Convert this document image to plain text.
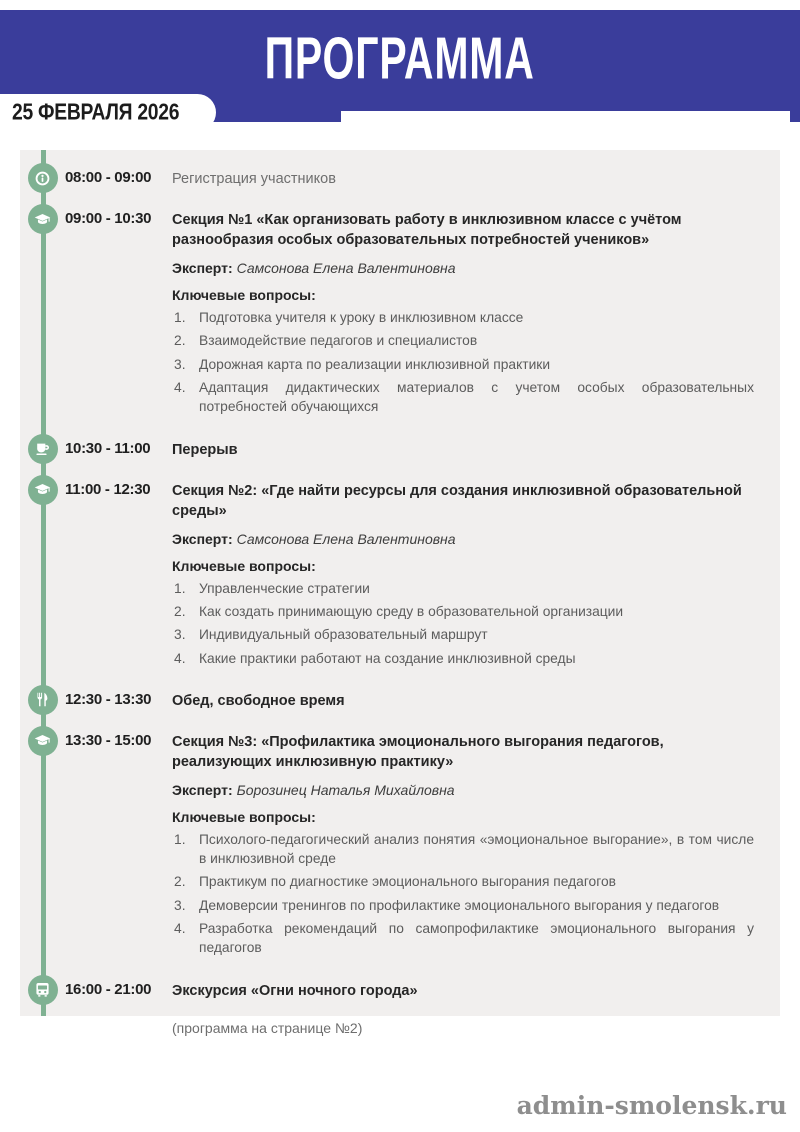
ПРОГРАММА
25 ФЕВРАЛЯ 2026
08:00 - 09:00	Регистрация участников
09:00 - 10:30	Секция №1 «Как организовать работу в инклюзивном классе с учётом разнообразия особых образовательных потребностей учеников»
Эксперт: Самсонова Елена Валентиновна
Ключевые вопросы:
Подготовка учителя к уроку в инклюзивном классе
Взаимодействие педагогов и специалистов
Дорожная карта по реализации инклюзивной практики
Адаптация дидактических материалов с учетом особых образовательных потребностей обучающихся
10:30 - 11:00	Перерыв
11:00 - 12:30	Секция №2: «Где найти ресурсы для создания инклюзивной образовательной среды»
Эксперт: Самсонова Елена Валентиновна
Ключевые вопросы:
Управленческие стратегии
Как создать принимающую среду в образовательной организации
Индивидуальный образовательный маршрут
Какие практики работают на создание инклюзивной среды
12:30 - 13:30	Обед, свободное время
13:30 - 15:00	Секция №3: «Профилактика эмоционального выгорания педагогов, реализующих инклюзивную практику»
Эксперт: Борозинец Наталья Михайловна
Ключевые вопросы:
Психолого-педагогический анализ понятия «эмоциональное выгорание», в том числе в инклюзивной среде
Практикум по диагностике эмоционального выгорания педагогов
Демоверсии тренингов по профилактике эмоционального выгорания у педагогов
Разработка рекомендаций по самопрофилактике эмоционального выгорания у педагогов
16:00 - 21:00	Экскурсия «Огни ночного города»
(программа на странице №2)
admin-smolensk.ru
